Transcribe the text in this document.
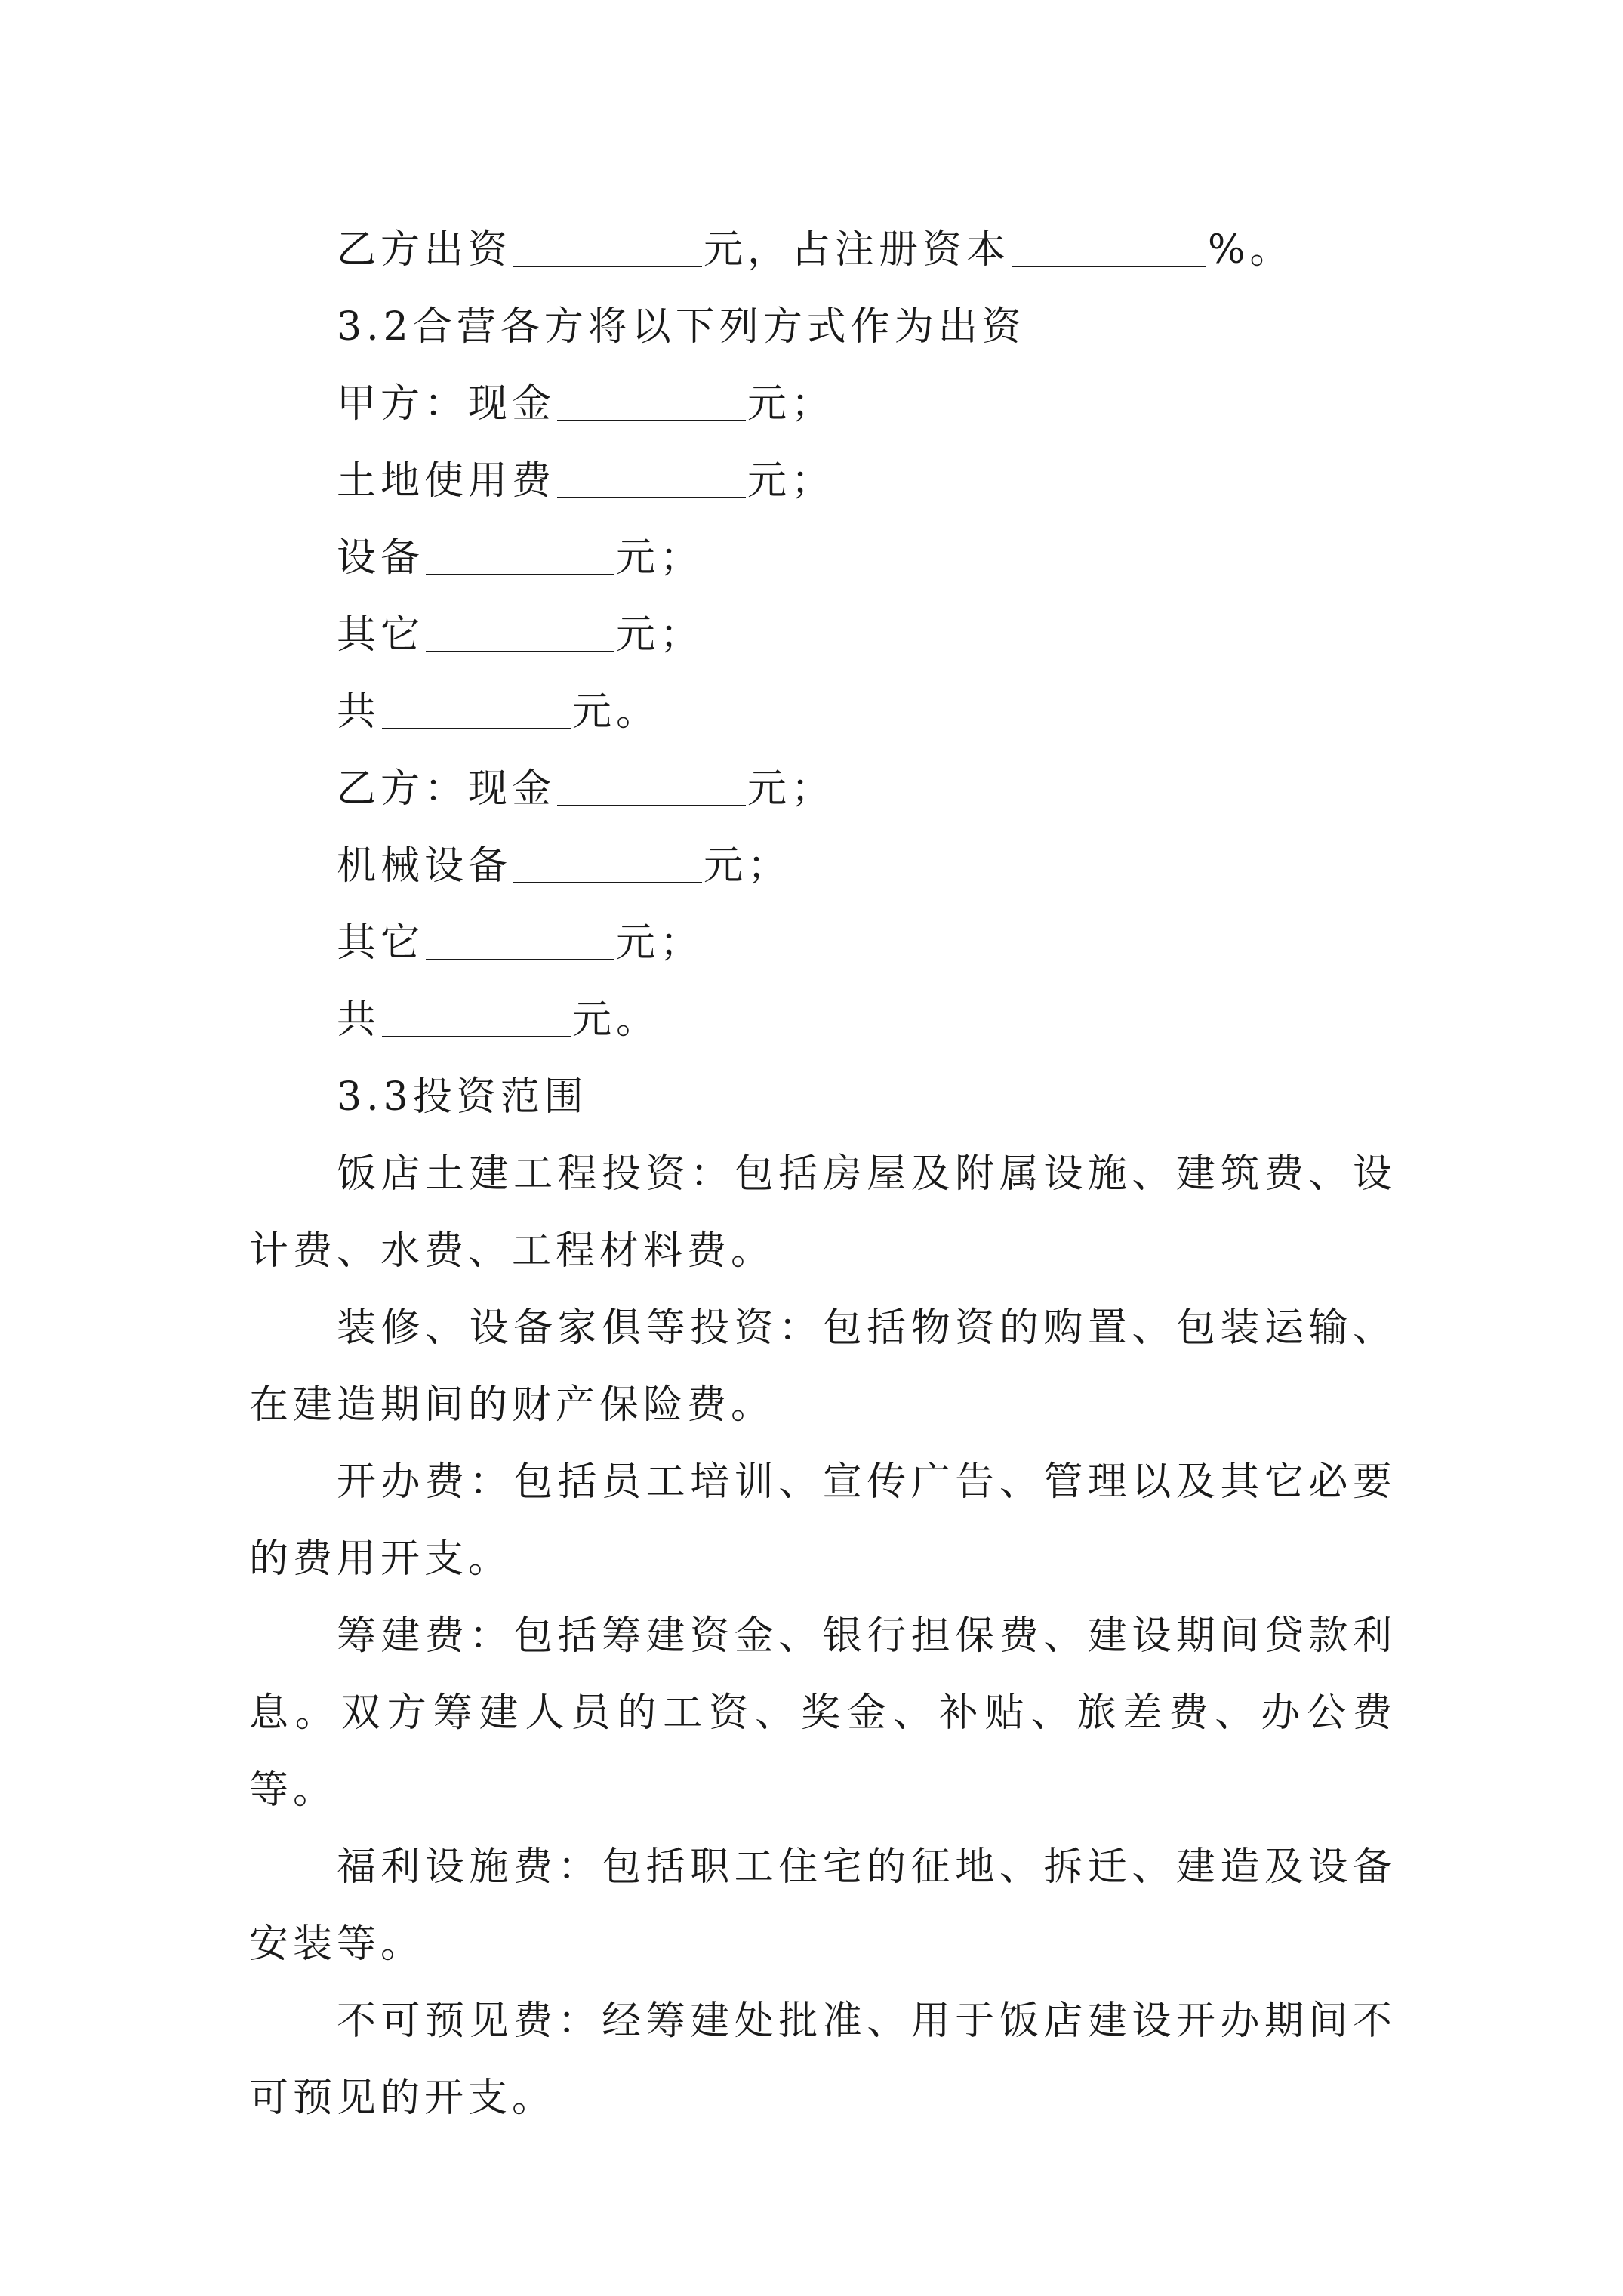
乙方出资	元，占注册资本	%。
3.2合营各方将以下列方式作为出资
甲方：现金	元；
土地使用费	元；
设备	元；
其它	元；
共	元。
乙方：现金	元；
机械设备	元；
其它	元；
共	元。
3.3投资范围
饭店土建工程投资：包括房屋及附属设施、建筑费、设计费、水费、工程材料费。
装修、设备家俱等投资：包括物资的购置、包装运输、在建造期间的财产保险费。
开办费：包括员工培训、宣传广告、管理以及其它必要的费用开支。
筹建费：包括筹建资金、银行担保费、建设期间贷款利息。双方筹建人员的工资、奖金、补贴、旅差费、办公费等。
福利设施费：包括职工住宅的征地、拆迁、建造及设备安装等。
不可预见费：经筹建处批准、用于饭店建设开办期间不可预见的开支。
